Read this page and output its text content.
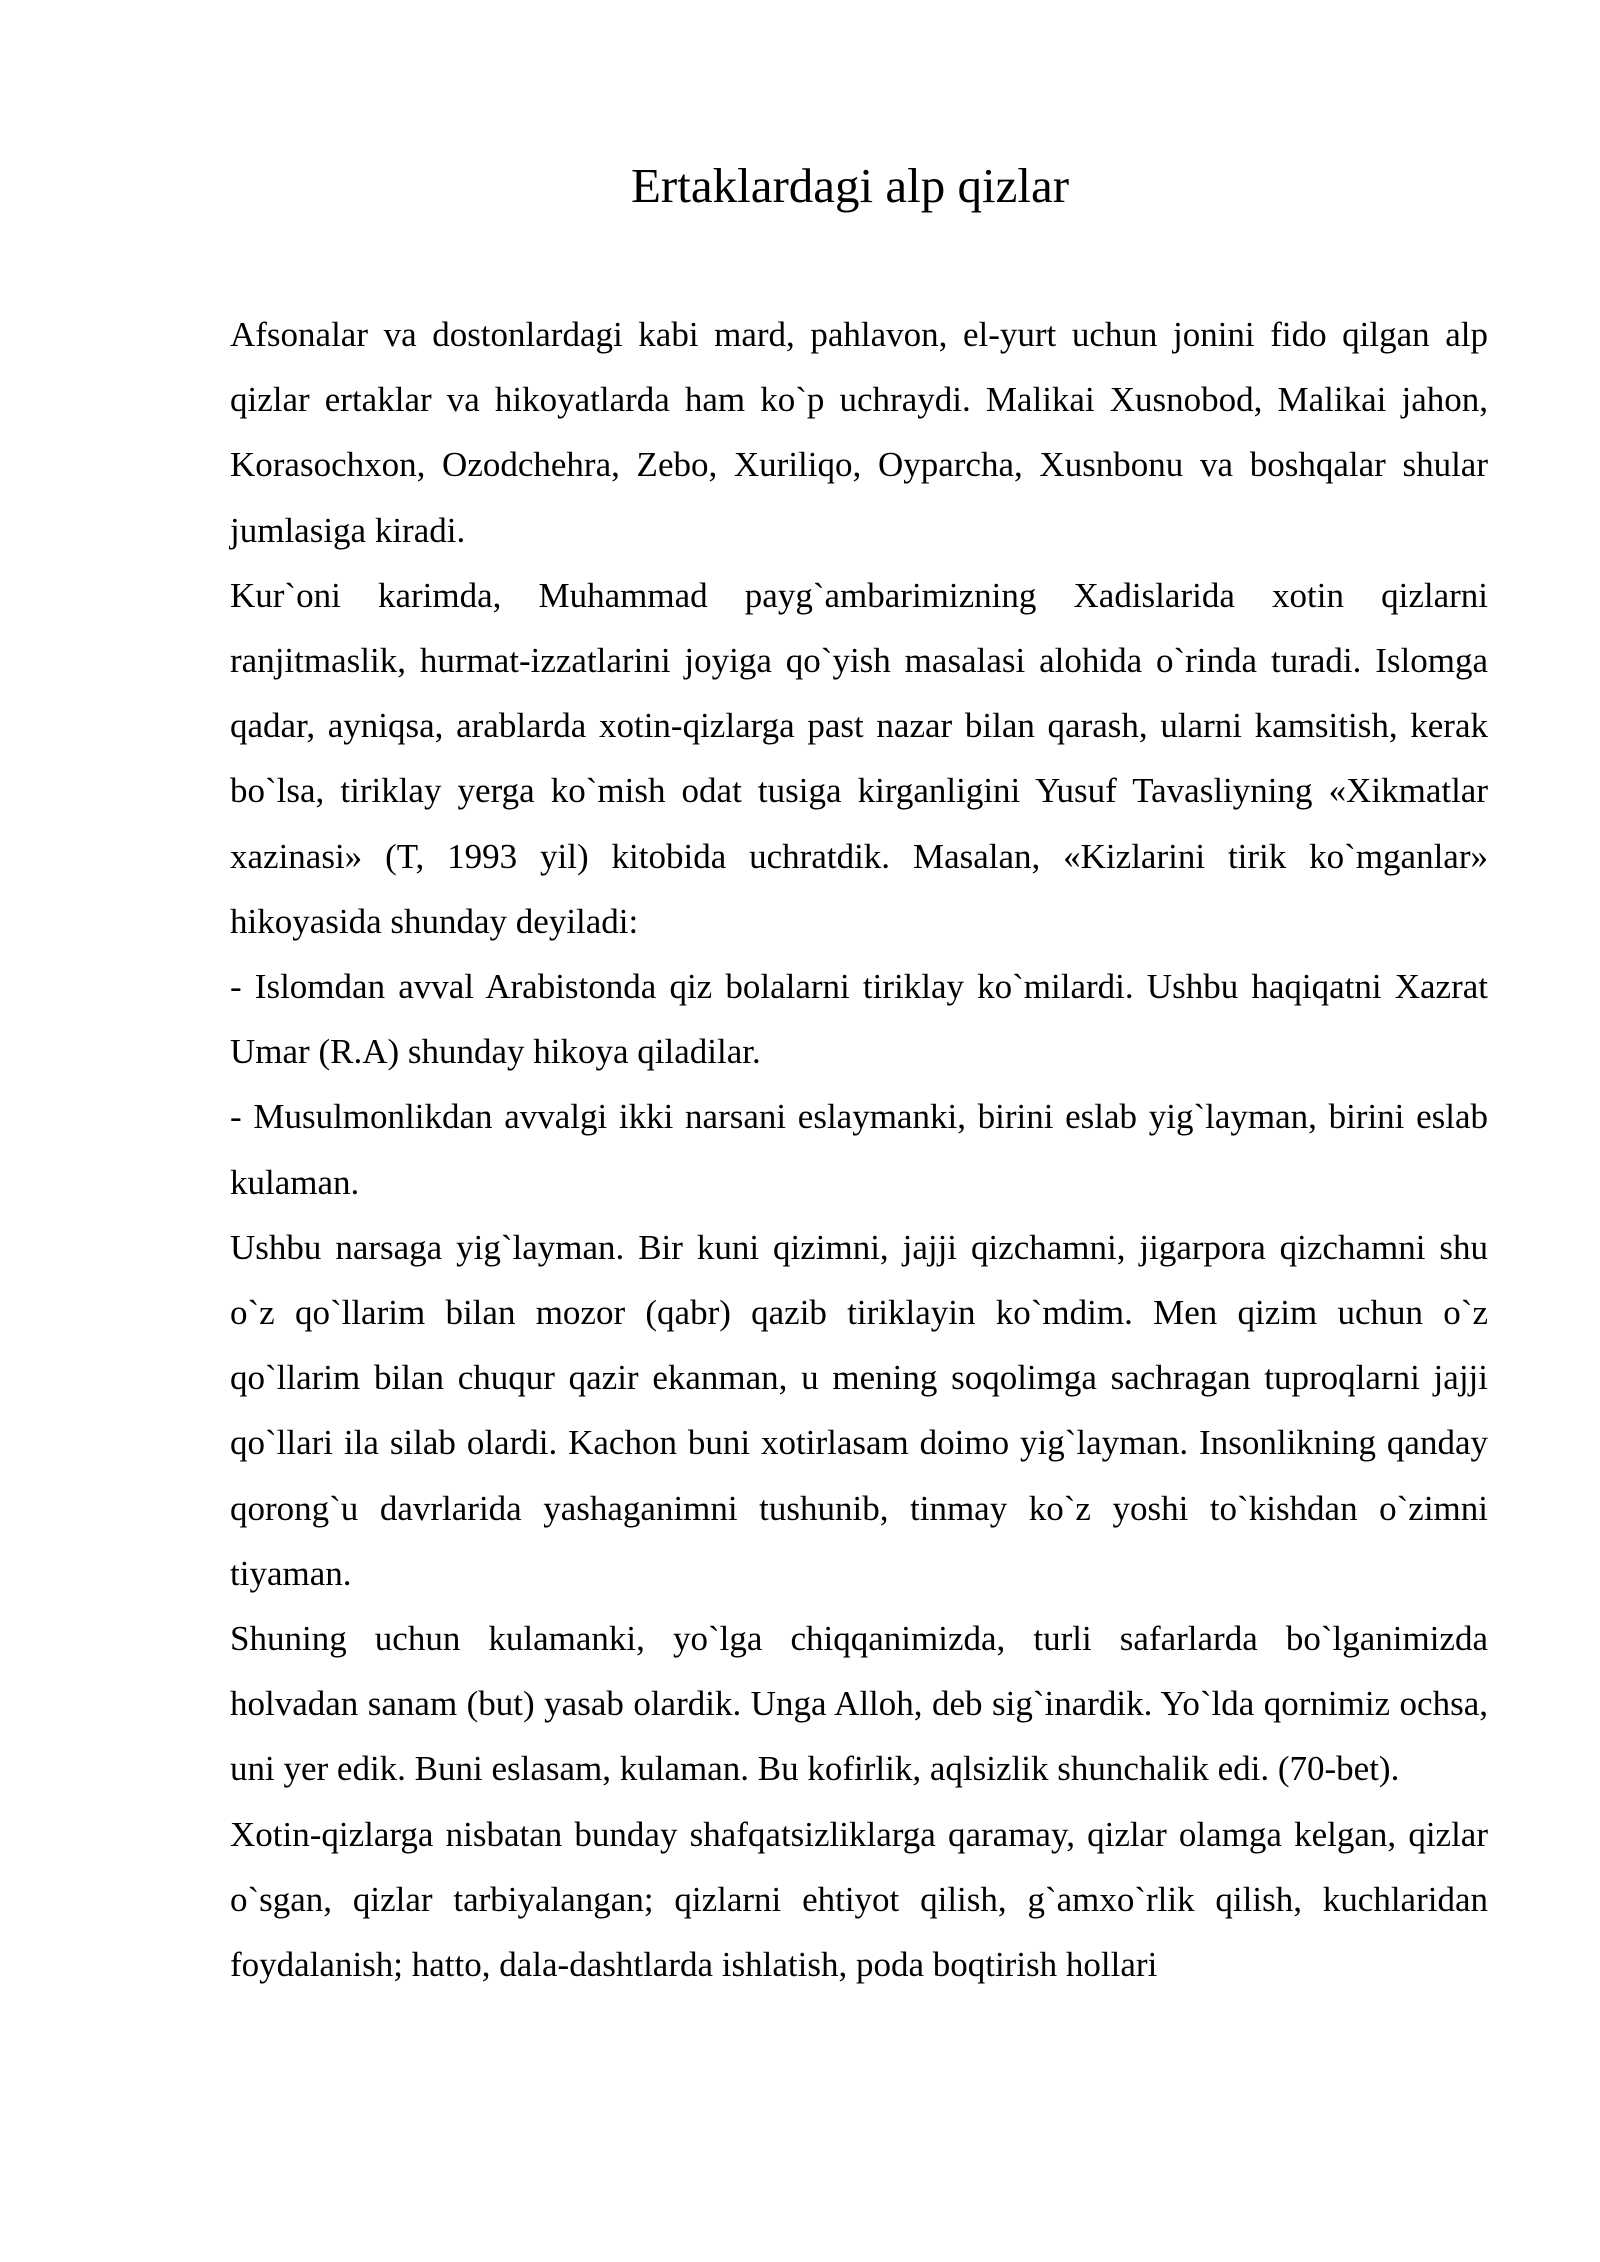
Ertaklardagi alp qizlar

Afsonalar va dostonlardagi kabi mard, pahlavon, el-yurt uchun jonini fido qilgan alp qizlar ertaklar va hikoyatlarda ham ko`p uchraydi. Malikai Xusnobod, Malikai jahon, Korasochxon, Ozodchehra, Zebo, Xuriliqo, Oyparcha, Xusnbonu va boshqalar shular jumlasiga kiradi.

Kur`oni karimda, Muhammad payg`ambarimizning Xadislarida xotin qizlarni ranjitmaslik, hurmat-izzatlarini joyiga qo`yish masalasi alohida o`rinda turadi. Islomga qadar, ayniqsa, arablarda xotin-qizlarga past nazar bilan qarash, ularni kamsitish, kerak bo`lsa, tiriklay yerga ko`mish odat tusiga kirganligini Yusuf Tavasliyning «Xikmatlar xazinasi» (T, 1993 yil) kitobida uchratdik. Masalan, «Kizlarini tirik ko`mganlar» hikoyasida shunday deyiladi:

- Islomdan avval Arabistonda qiz bolalarni tiriklay ko`milardi. Ushbu haqiqatni Xazrat Umar (R.A) shunday hikoya qiladilar.

- Musulmonlikdan avvalgi ikki narsani eslaymanki, birini eslab yig`layman, birini eslab kulaman.

Ushbu narsaga yig`layman. Bir kuni qizimni, jajji qizchamni, jigarpora qizchamni shu o`z qo`llarim bilan mozor (qabr) qazib tiriklayin ko`mdim. Men qizim uchun o`z qo`llarim bilan chuqur qazir ekanman, u mening soqolimga sachragan tuproqlarni jajji qo`llari ila silab olardi. Kachon buni xotirlasam doimo yig`layman. Insonlikning qanday qorong`u davrlarida yashaganimni tushunib, tinmay ko`z yoshi to`kishdan o`zimni tiyaman.

Shuning uchun kulamanki, yo`lga chiqqanimizda, turli safarlarda bo`lganimizda holvadan sanam (but) yasab olardik. Unga Alloh, deb sig`inardik. Yo`lda qornimiz ochsa, uni yer edik. Buni eslasam, kulaman. Bu kofirlik, aqlsizlik shunchalik edi. (70-bet).

Xotin-qizlarga nisbatan bunday shafqatsizliklarga qaramay, qizlar olamga kelgan, qizlar o`sgan, qizlar tarbiyalangan; qizlarni ehtiyot qilish, g`amxo`rlik qilish, kuchlaridan foydalanish; hatto, dala-dashtlarda ishlatish, poda boqtirish hollari
